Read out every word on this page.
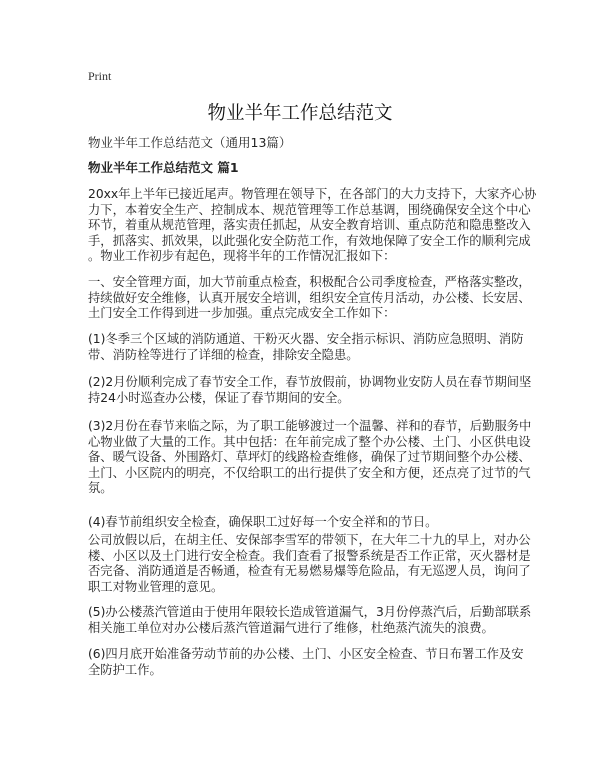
Print
物业半年工作总结范文
物业半年工作总结范文（通用13篇）
物业半年工作总结范文 篇1
20xx年上半年已接近尾声。物管理在领导下，在各部门的大力支持下，大家齐心协
力下，本着安全生产、控制成本、规范管理等工作总基调，围绕确保安全这个中心
环节，着重从规范管理，落实责任抓起，从安全教育培训、重点防范和隐患整改入
手，抓落实、抓效果，以此强化安全防范工作，有效地保障了安全工作的顺利完成
。物业工作初步有起色，现将半年的工作情况汇报如下：
一、安全管理方面，加大节前重点检查，积极配合公司季度检查，严格落实整改，
持续做好安全维修，认真开展安全培训，组织安全宣传月活动，办公楼、长安居、
土门安全工作得到进一步加强。重点完成安全工作如下：
(1)冬季三个区域的消防通道、干粉灭火器、安全指示标识、消防应急照明、消防
带、消防栓等进行了详细的检查，排除安全隐患。
(2)2月份顺利完成了春节安全工作，春节放假前，协调物业安防人员在春节期间坚
持24小时巡查办公楼，保证了春节期间的安全。
(3)2月份在春节来临之际，为了职工能够渡过一个温馨、祥和的春节，后勤服务中
心物业做了大量的工作。其中包括：在年前完成了整个办公楼、土门、小区供电设
备、暖气设备、外围路灯、草坪灯的线路检查维修，确保了过节期间整个办公楼、
土门、小区院内的明亮，不仅给职工的出行提供了安全和方便，还点亮了过节的气
氛。
(4)春节前组织安全检查，确保职工过好每一个安全祥和的节日。
公司放假以后，在胡主任、安保部李雪军的带领下，在大年二十九的早上，对办公
楼、小区以及土门进行安全检查。我们查看了报警系统是否工作正常，灭火器材是
否完备、消防通道是否畅通，检查有无易燃易爆等危险品，有无巡逻人员，询问了
职工对物业管理的意见。
(5)办公楼蒸汽管道由于使用年限较长造成管道漏气，3月份停蒸汽后，后勤部联系
相关施工单位对办公楼后蒸汽管道漏气进行了维修，杜绝蒸汽流失的浪费。
(6)四月底开始准备劳动节前的办公楼、土门、小区安全检查、节日布署工作及安
全防护工作。
